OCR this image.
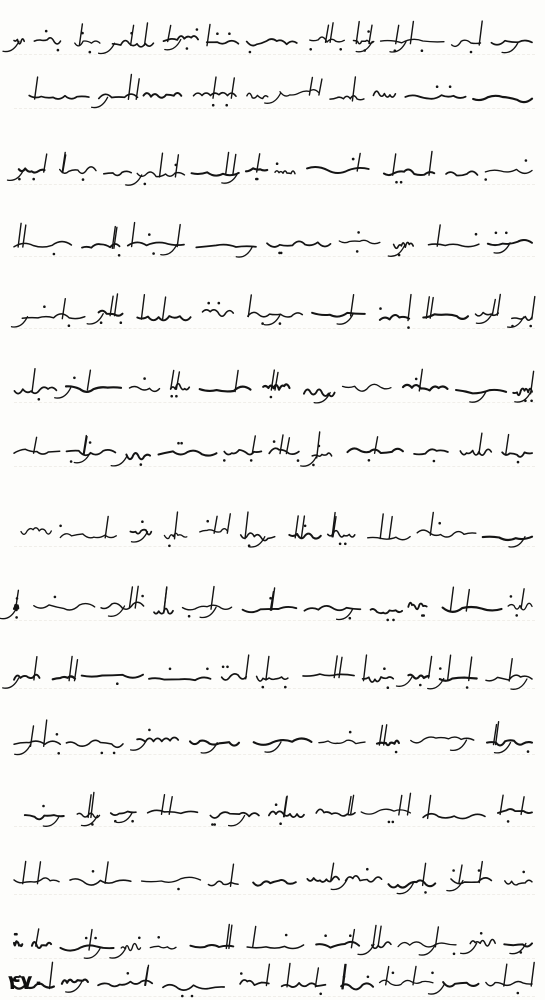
۴۷۰
